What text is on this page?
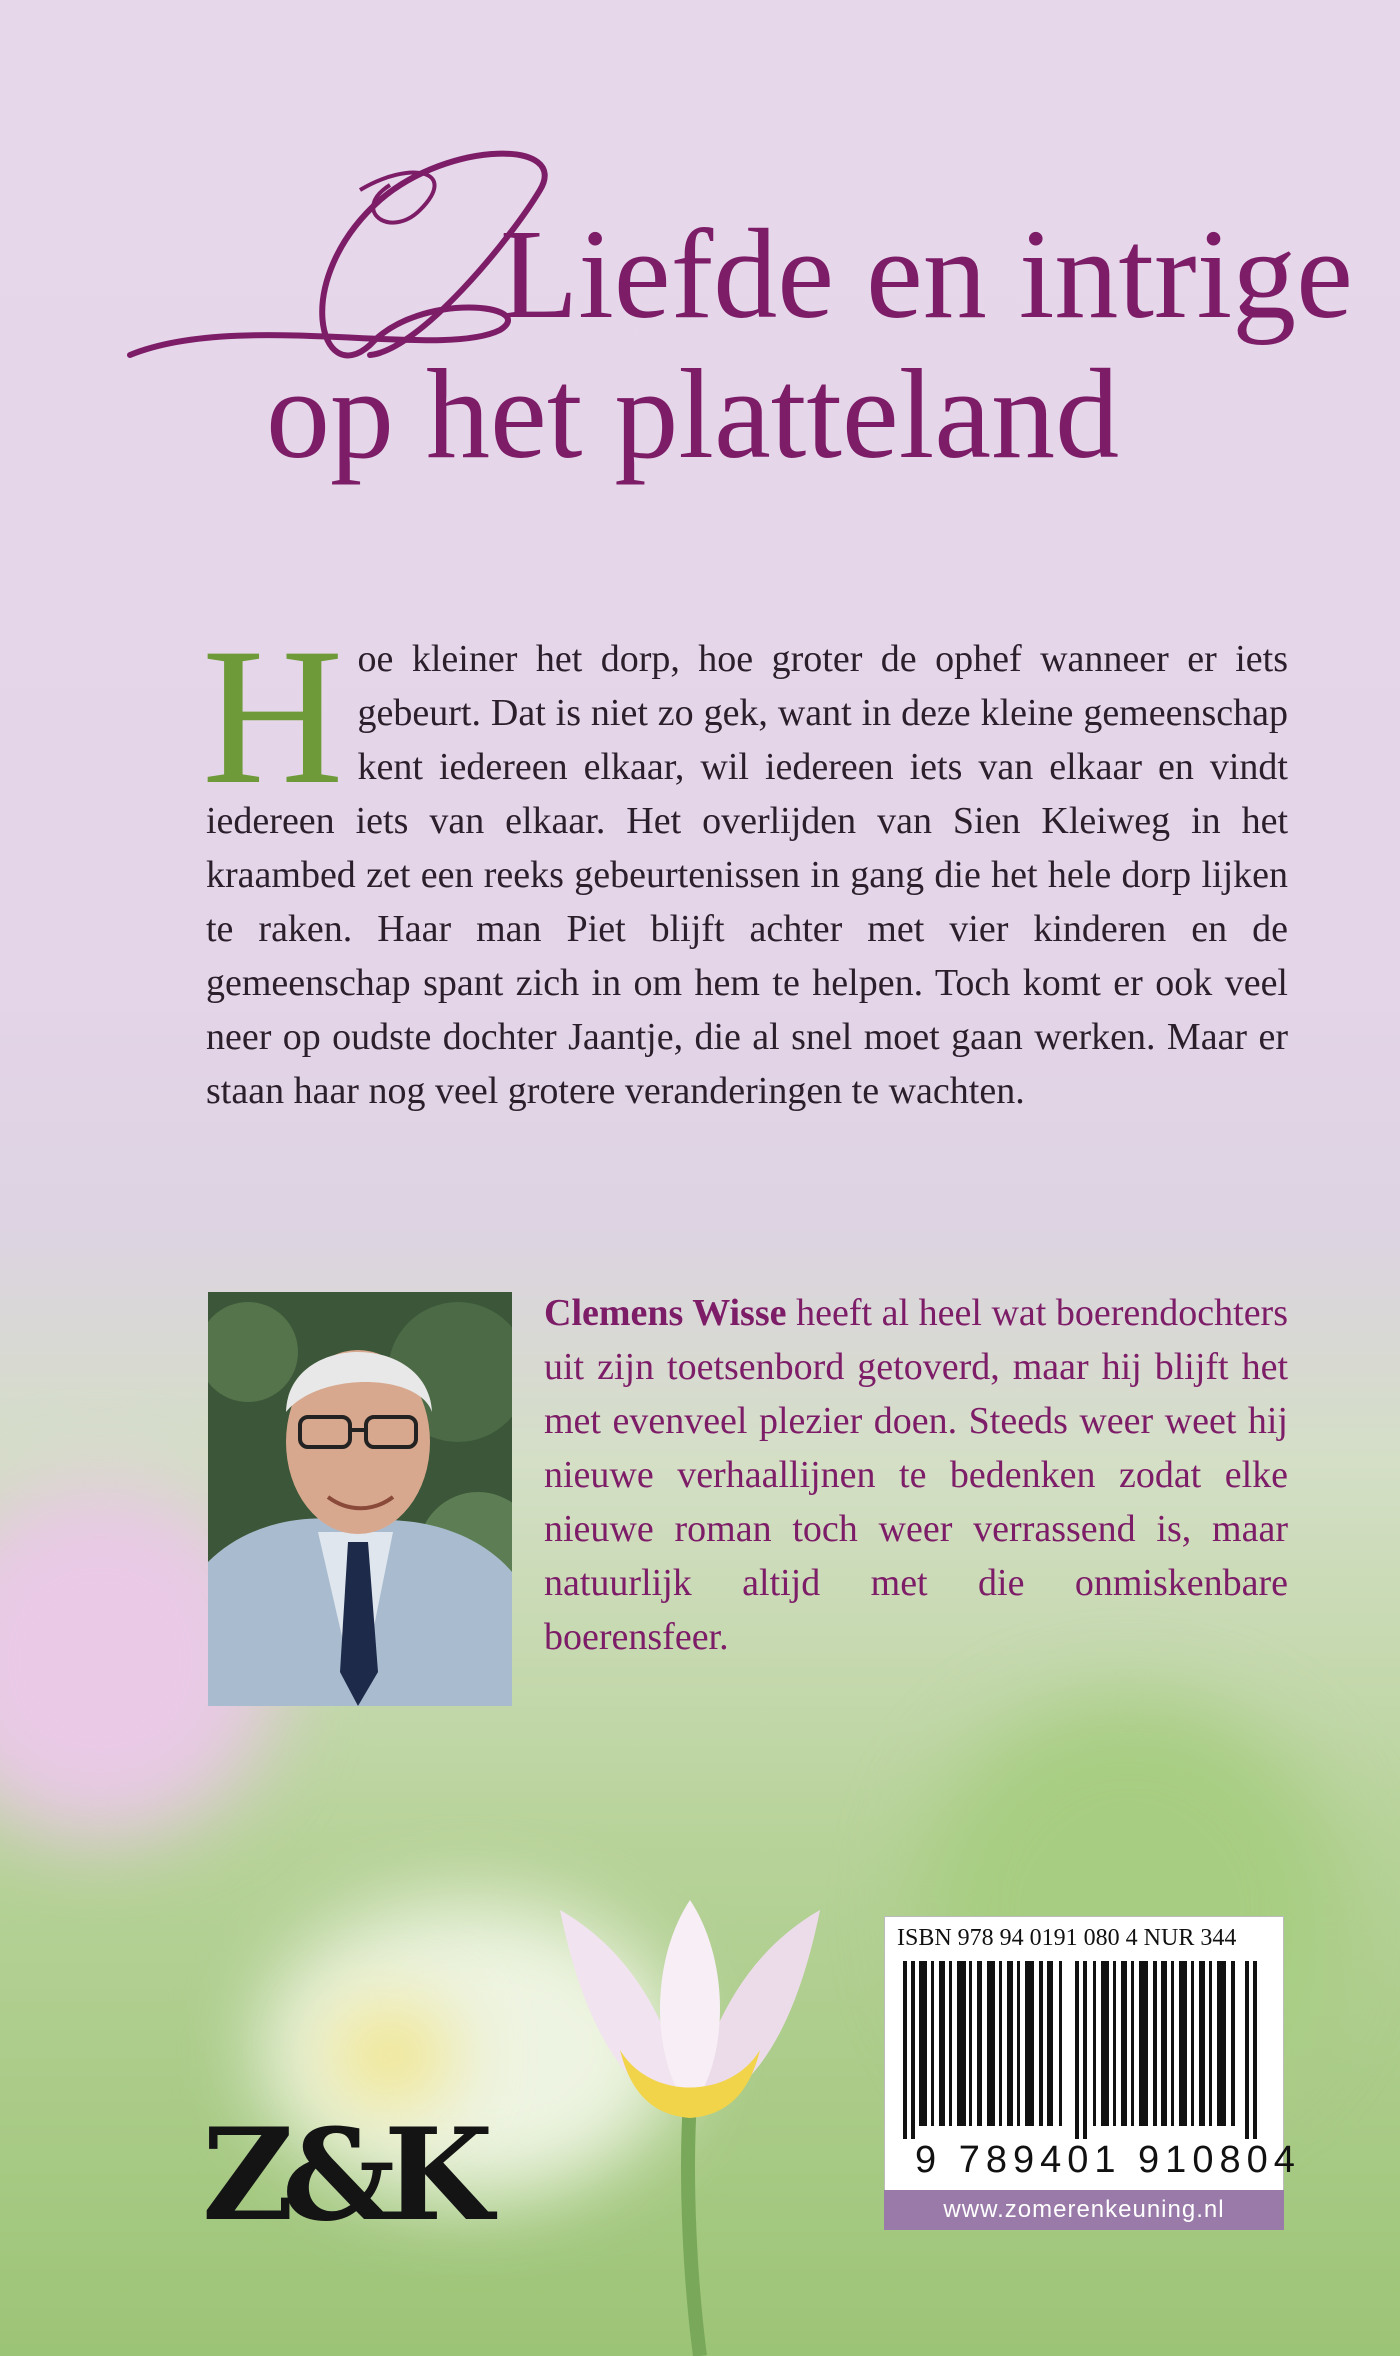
Liefde en intrige
op het platteland
Hoe kleiner het dorp, hoe groter de ophef wanneer er iets gebeurt. Dat is niet zo gek, want in deze kleine gemeenschap kent iedereen elkaar, wil iedereen iets van elkaar en vindt iedereen iets van elkaar. Het overlijden van Sien Kleiweg in het kraambed zet een reeks gebeurtenissen in gang die het hele dorp lijken te raken. Haar man Piet blijft achter met vier kinderen en de gemeenschap spant zich in om hem te helpen. Toch komt er ook veel neer op oudste dochter Jaantje, die al snel moet gaan werken. Maar er staan haar nog veel grotere veranderingen te wachten.
Clemens Wisse heeft al heel wat boerendochters uit zijn toetsenbord getoverd, maar hij blijft het met evenveel plezier doen. Steeds weer weet hij nieuwe verhaallijnen te bedenken zodat elke nieuwe roman toch weer verrassend is, maar natuurlijk altijd met die onmiskenbare boerensfeer.
ISBN 978 94 0191 080 4 NUR 344
9 789401 910804
www.zomerenkeuning.nl
Z&K
